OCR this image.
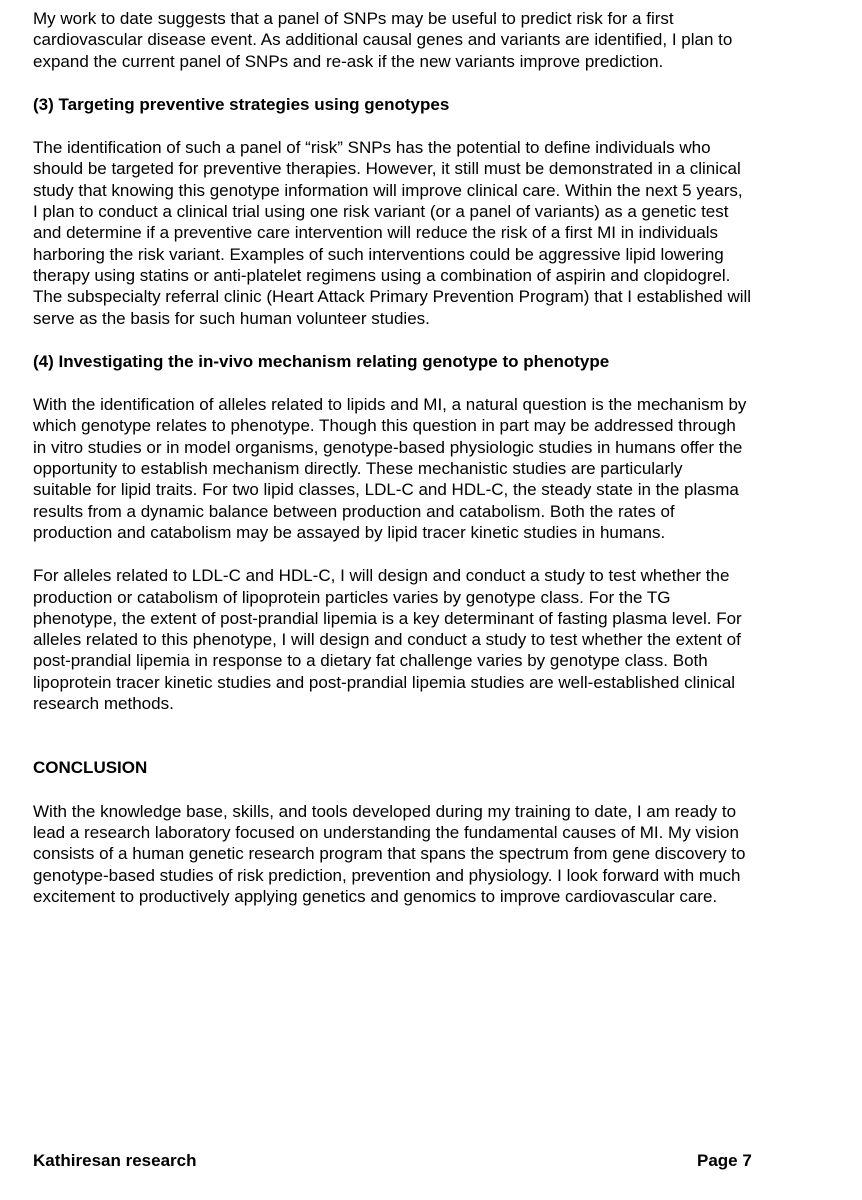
My work to date suggests that a panel of SNPs may be useful to predict risk for a first
cardiovascular disease event. As additional causal genes and variants are identified, I plan to
expand the current panel of SNPs and re-ask if the new variants improve prediction.

(3) Targeting preventive strategies using genotypes

The identification of such a panel of “risk” SNPs has the potential to define individuals who
should be targeted for preventive therapies. However, it still must be demonstrated in a clinical
study that knowing this genotype information will improve clinical care. Within the next 5 years,
I plan to conduct a clinical trial using one risk variant (or a panel of variants) as a genetic test
and determine if a preventive care intervention will reduce the risk of a first MI in individuals
harboring the risk variant. Examples of such interventions could be aggressive lipid lowering
therapy using statins or anti-platelet regimens using a combination of aspirin and clopidogrel.
The subspecialty referral clinic (Heart Attack Primary Prevention Program) that I established will
serve as the basis for such human volunteer studies.

(4) Investigating the in-vivo mechanism relating genotype to phenotype

With the identification of alleles related to lipids and MI, a natural question is the mechanism by
which genotype relates to phenotype. Though this question in part may be addressed through
in vitro studies or in model organisms, genotype-based physiologic studies in humans offer the
opportunity to establish mechanism directly. These mechanistic studies are particularly
suitable for lipid traits. For two lipid classes, LDL-C and HDL-C, the steady state in the plasma
results from a dynamic balance between production and catabolism. Both the rates of
production and catabolism may be assayed by lipid tracer kinetic studies in humans.

For alleles related to LDL-C and HDL-C, I will design and conduct a study to test whether the
production or catabolism of lipoprotein particles varies by genotype class. For the TG
phenotype, the extent of post-prandial lipemia is a key determinant of fasting plasma level. For
alleles related to this phenotype, I will design and conduct a study to test whether the extent of
post-prandial lipemia in response to a dietary fat challenge varies by genotype class. Both
lipoprotein tracer kinetic studies and post-prandial lipemia studies are well-established clinical
research methods.

CONCLUSION

With the knowledge base, skills, and tools developed during my training to date, I am ready to
lead a research laboratory focused on understanding the fundamental causes of MI. My vision
consists of a human genetic research program that spans the spectrum from gene discovery to
genotype-based studies of risk prediction, prevention and physiology. I look forward with much
excitement to productively applying genetics and genomics to improve cardiovascular care.

Kathiresan research	Page 7
